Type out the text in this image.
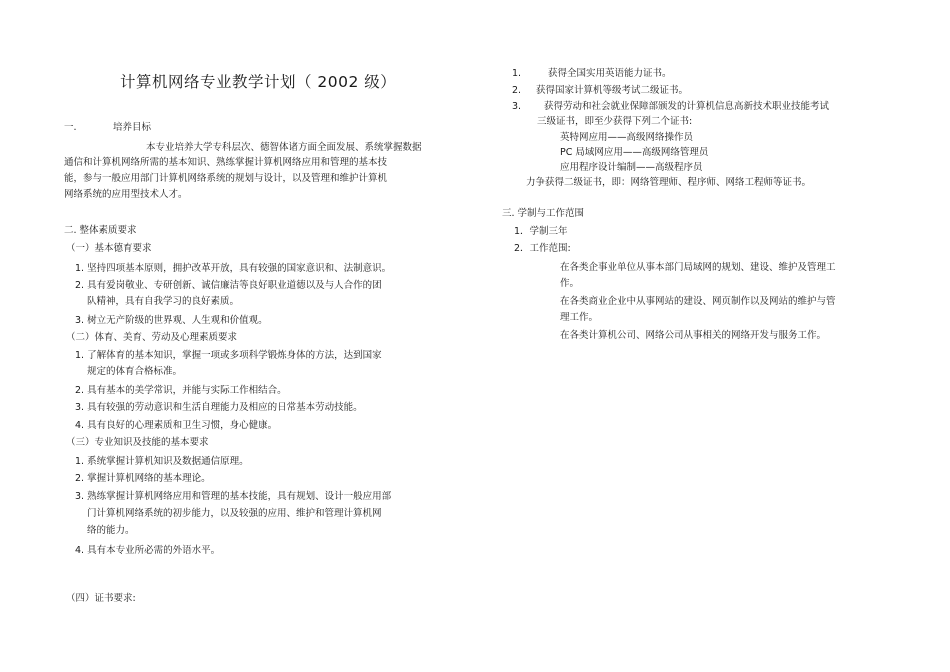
计算机网络专业教学计划（ 2002 级）
一.	培养目标
本专业培养大学专科层次、德智体诸方面全面发展、系统掌握数据
通信和计算机网络所需的基本知识、熟练掌握计算机网络应用和管理的基本技
能，参与一般应用部门计算机网络系统的规划与设计，以及管理和维护计算机
网络系统的应用型技术人才。
二. 整体素质要求
（一）基本德育要求
1. 坚持四项基本原则，拥护改革开放，具有较强的国家意识和、法制意识。
2. 具有爱岗敬业、专研创新、诚信廉洁等良好职业道德以及与人合作的团
队精神，具有自我学习的良好素质。
3. 树立无产阶级的世界观、人生观和价值观。
（二）体育、美育、劳动及心理素质要求
1. 了解体育的基本知识，掌握一项或多项科学锻炼身体的方法，达到国家
规定的体育合格标准。
2. 具有基本的美学常识，并能与实际工作相结合。
3. 具有较强的劳动意识和生活自理能力及相应的日常基本劳动技能。
4. 具有良好的心理素质和卫生习惯，身心健康。
（三）专业知识及技能的基本要求
1. 系统掌握计算机知识及数据通信原理。
2. 掌握计算机网络的基本理论。
3. 熟练掌握计算机网络应用和管理的基本技能，具有规划、设计一般应用部
门计算机网络系统的初步能力，以及较强的应用、维护和管理计算机网
络的能力。
4. 具有本专业所必需的外语水平。
（四）证书要求:
1.	获得全国实用英语能力证书。
2. 获得国家计算机等级考试二级证书。
3. 获得劳动和社会就业保障部颁发的计算机信息高新技术职业技能考试
三级证书，即至少获得下列二个证书:
英特网应用——高级网络操作员
PC 局域网应用——高级网络管理员
应用程序设计编制——高级程序员
力争获得二级证书，即：网络管理师、程序师、网络工程师等证书。
三. 学制与工作范围
1．学制三年
2．工作范围:
在各类企事业单位从事本部门局域网的规划、建设、维护及管理工
作。
在各类商业企业中从事网站的建设、网页制作以及网站的维护与管
理工作。
在各类计算机公司、网络公司从事相关的网络开发与服务工作。
